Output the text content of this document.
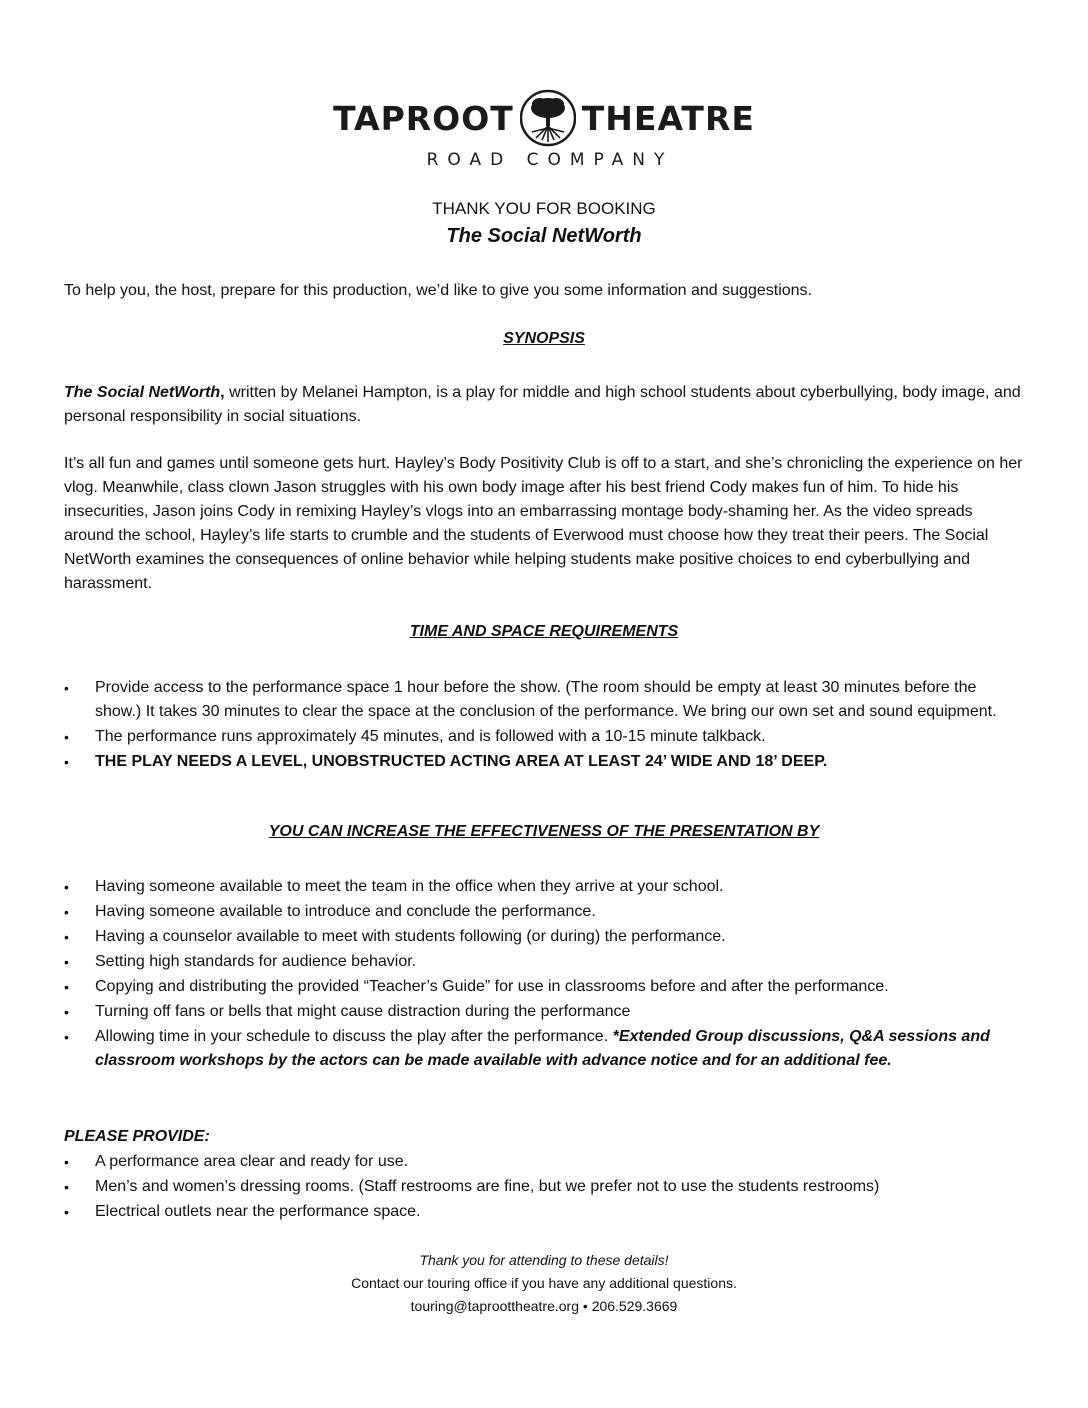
TAPROOT THEATRE
ROAD COMPANY
THANK YOU FOR BOOKING
The Social NetWorth
To help you, the host, prepare for this production, we’d like to give you some information and suggestions.
SYNOPSIS
The Social NetWorth, written by Melanei Hampton, is a play for middle and high school students about cyberbullying, body image, and personal responsibility in social situations.
It’s all fun and games until someone gets hurt. Hayley’s Body Positivity Club is off to a start, and she’s chronicling the experience on her vlog. Meanwhile, class clown Jason struggles with his own body image after his best friend Cody makes fun of him. To hide his insecurities, Jason joins Cody in remixing Hayley’s vlogs into an embarrassing montage body-shaming her. As the video spreads around the school, Hayley’s life starts to crumble and the students of Everwood must choose how they treat their peers. The Social NetWorth examines the consequences of online behavior while helping students make positive choices to end cyberbullying and harassment.
TIME AND SPACE REQUIREMENTS
• Provide access to the performance space 1 hour before the show. (The room should be empty at least 30 minutes before the show.) It takes 30 minutes to clear the space at the conclusion of the performance. We bring our own set and sound equipment.
• The performance runs approximately 45 minutes, and is followed with a 10-15 minute talkback.
• THE PLAY NEEDS A LEVEL, UNOBSTRUCTED ACTING AREA AT LEAST 24’ WIDE AND 18’ DEEP.
YOU CAN INCREASE THE EFFECTIVENESS OF THE PRESENTATION BY
• Having someone available to meet the team in the office when they arrive at your school.
• Having someone available to introduce and conclude the performance.
• Having a counselor available to meet with students following (or during) the performance.
• Setting high standards for audience behavior.
• Copying and distributing the provided “Teacher’s Guide” for use in classrooms before and after the performance.
• Turning off fans or bells that might cause distraction during the performance
• Allowing time in your schedule to discuss the play after the performance. *Extended Group discussions, Q&A sessions and classroom workshops by the actors can be made available with advance notice and for an additional fee.
PLEASE PROVIDE:
• A performance area clear and ready for use.
• Men’s and women’s dressing rooms. (Staff restrooms are fine, but we prefer not to use the students restrooms)
• Electrical outlets near the performance space.
Thank you for attending to these details!
Contact our touring office if you have any additional questions.
touring@taproottheatre.org • 206.529.3669
